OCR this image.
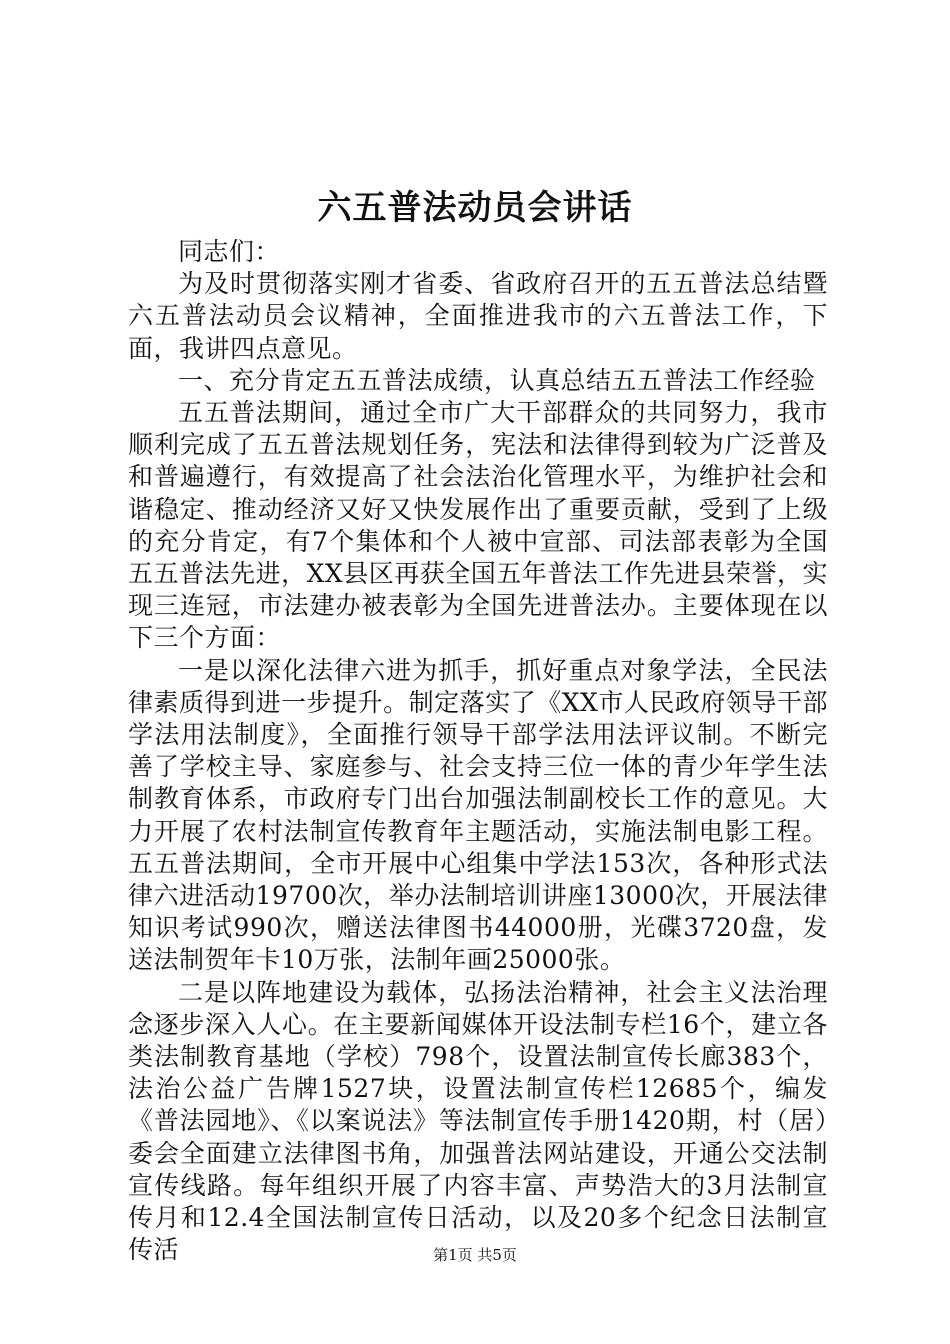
六五普法动员会讲话

同志们：

为及时贯彻落实刚才省委、省政府召开的五五普法总结暨六五普法动员会议精神，全面推进我市的六五普法工作，下面，我讲四点意见。

一、充分肯定五五普法成绩，认真总结五五普法工作经验

五五普法期间，通过全市广大干部群众的共同努力，我市顺利完成了五五普法规划任务，宪法和法律得到较为广泛普及和普遍遵行，有效提高了社会法治化管理水平，为维护社会和谐稳定、推动经济又好又快发展作出了重要贡献，受到了上级的充分肯定，有7个集体和个人被中宣部、司法部表彰为全国五五普法先进，XX县区再获全国五年普法工作先进县荣誉，实现三连冠，市法建办被表彰为全国先进普法办。主要体现在以下三个方面：

一是以深化法律六进为抓手，抓好重点对象学法，全民法律素质得到进一步提升。制定落实了《XX市人民政府领导干部学法用法制度》，全面推行领导干部学法用法评议制。不断完善了学校主导、家庭参与、社会支持三位一体的青少年学生法制教育体系，市政府专门出台加强法制副校长工作的意见。大力开展了农村法制宣传教育年主题活动，实施法制电影工程。五五普法期间，全市开展中心组集中学法153次，各种形式法律六进活动19700次，举办法制培训讲座13000次，开展法律知识考试990次，赠送法律图书44000册，光碟3720盘，发送法制贺年卡10万张，法制年画25000张。

二是以阵地建设为载体，弘扬法治精神，社会主义法治理念逐步深入人心。在主要新闻媒体开设法制专栏16个，建立各类法制教育基地（学校）798个，设置法制宣传长廊383个，法治公益广告牌1527块，设置法制宣传栏12685个，编发《普法园地》、《以案说法》等法制宣传手册1420期，村（居）委会全面建立法律图书角，加强普法网站建设，开通公交法制宣传线路。每年组织开展了内容丰富、声势浩大的3月法制宣传月和12.4全国法制宣传日活动，以及20多个纪念日法制宣传活	第1页 共5页
